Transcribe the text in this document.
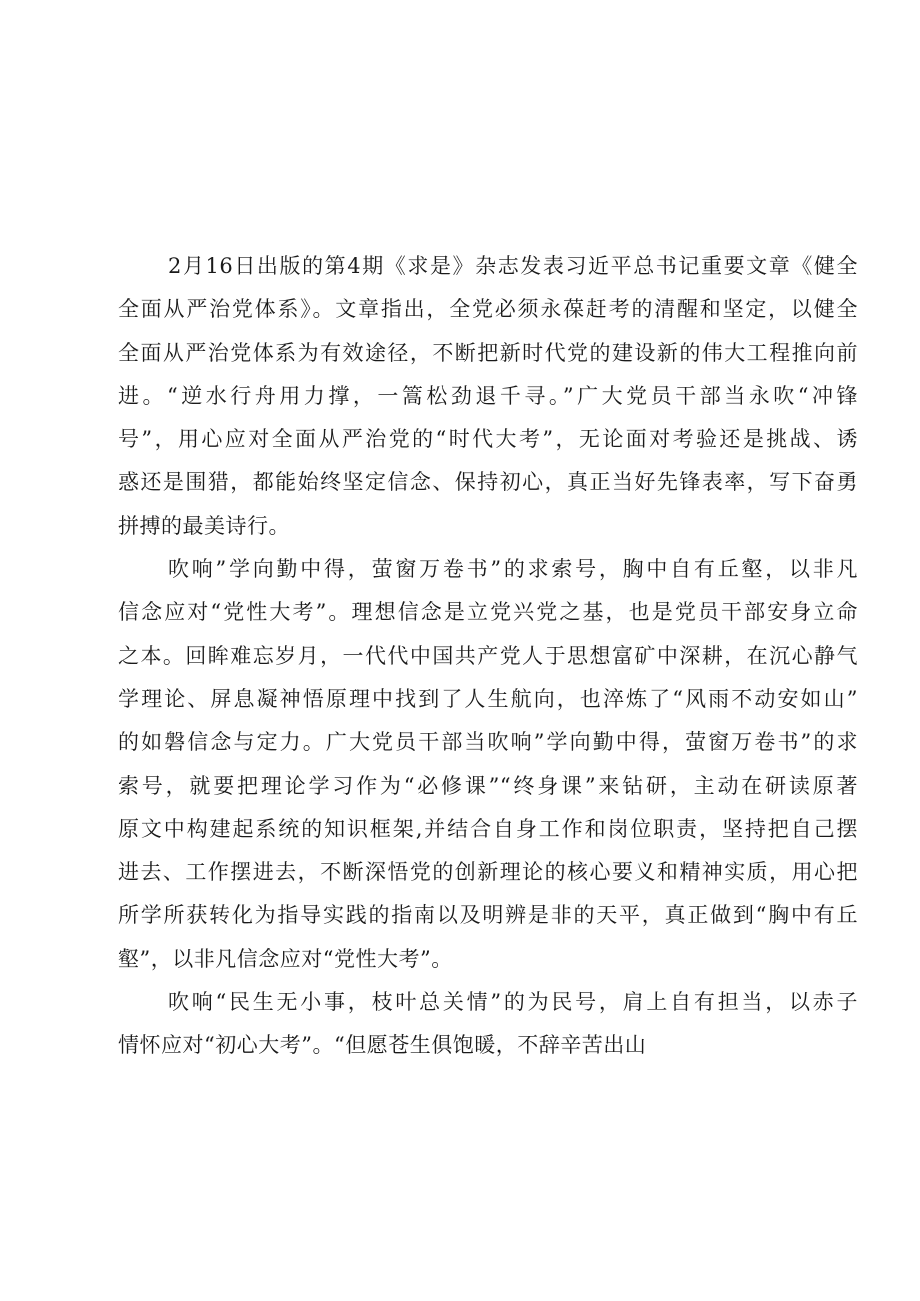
2月16日出版的第4期《求是》杂志发表习近平总书记重要文章《健全
全面从严治党体系》。文章指出，全党必须永葆赶考的清醒和坚定，以健全
全面从严治党体系为有效途径，不断把新时代党的建设新的伟大工程推向前
进。“逆水行舟用力撑，一篙松劲退千寻。”广大党员干部当永吹“冲锋
号”，用心应对全面从严治党的“时代大考”，无论面对考验还是挑战、诱
惑还是围猎，都能始终坚定信念、保持初心，真正当好先锋表率，写下奋勇
拼搏的最美诗行。
吹响”学向勤中得，萤窗万卷书”的求索号，胸中自有丘壑，以非凡
信念应对“党性大考”。理想信念是立党兴党之基，也是党员干部安身立命
之本。回眸难忘岁月，一代代中国共产党人于思想富矿中深耕，在沉心静气
学理论、屏息凝神悟原理中找到了人生航向，也淬炼了“风雨不动安如山”
的如磐信念与定力。广大党员干部当吹响”学向勤中得，萤窗万卷书”的求
索号，就要把理论学习作为“必修课”“终身课”来钻研，主动在研读原著
原文中构建起系统的知识框架,并结合自身工作和岗位职责，坚持把自己摆
进去、工作摆进去，不断深悟党的创新理论的核心要义和精神实质，用心把
所学所获转化为指导实践的指南以及明辨是非的天平，真正做到“胸中有丘
壑”，以非凡信念应对“党性大考”。
吹响“民生无小事，枝叶总关情”的为民号，肩上自有担当，以赤子
情怀应对“初心大考”。“但愿苍生俱饱暖，不辞辛苦出山
